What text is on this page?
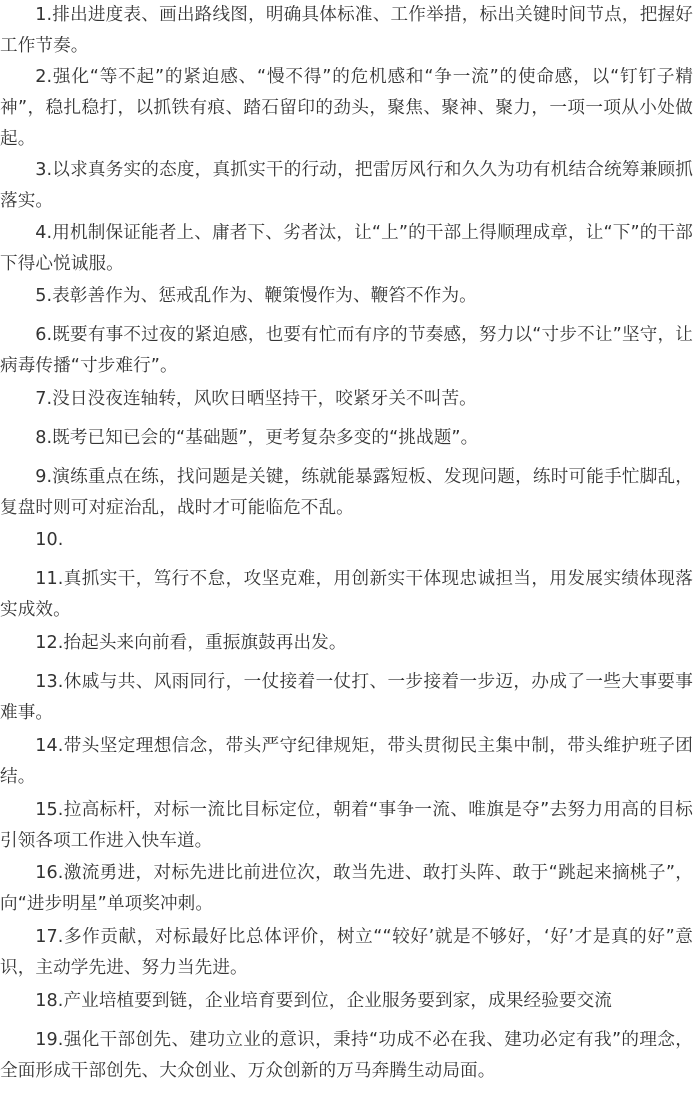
1.排出进度表、画出路线图，明确具体标准、工作举措，标出关键时间节点，把握好工作节奏。

2.强化“等不起”的紧迫感、“慢不得”的危机感和“争一流”的使命感，以“钉钉子精神”，稳扎稳打，以抓铁有痕、踏石留印的劲头，聚焦、聚神、聚力，一项一项从小处做起。

3.以求真务实的态度，真抓实干的行动，把雷厉风行和久久为功有机结合统筹兼顾抓落实。

4.用机制保证能者上、庸者下、劣者汰，让“上”的干部上得顺理成章，让“下”的干部下得心悦诚服。

5.表彰善作为、惩戒乱作为、鞭策慢作为、鞭笞不作为。

6.既要有事不过夜的紧迫感，也要有忙而有序的节奏感，努力以“寸步不让”坚守，让病毒传播“寸步难行”。

7.没日没夜连轴转，风吹日晒坚持干，咬紧牙关不叫苦。

8.既考已知已会的“基础题”，更考复杂多变的“挑战题”。

9.演练重点在练，找问题是关键，练就能暴露短板、发现问题，练时可能手忙脚乱，复盘时则可对症治乱，战时才可能临危不乱。

10.

11.真抓实干，笃行不怠，攻坚克难，用创新实干体现忠诚担当，用发展实绩体现落实成效。

12.抬起头来向前看，重振旗鼓再出发。

13.休戚与共、风雨同行，一仗接着一仗打、一步接着一步迈，办成了一些大事要事难事。

14.带头坚定理想信念，带头严守纪律规矩，带头贯彻民主集中制，带头维护班子团结。

15.拉高标杆，对标一流比目标定位，朝着“事争一流、唯旗是夺”去努力用高的目标引领各项工作进入快车道。

16.激流勇进，对标先进比前进位次，敢当先进、敢打头阵、敢于“跳起来摘桃子”，向“进步明星”单项奖冲刺。

17.多作贡献，对标最好比总体评价，树立““较好’就是不够好，‘好’才是真的好”意识，主动学先进、努力当先进。

18.产业培植要到链，企业培育要到位，企业服务要到家，成果经验要交流

19.强化干部创先、建功立业的意识，秉持“功成不必在我、建功必定有我”的理念，全面形成干部创先、大众创业、万众创新的万马奔腾生动局面。
